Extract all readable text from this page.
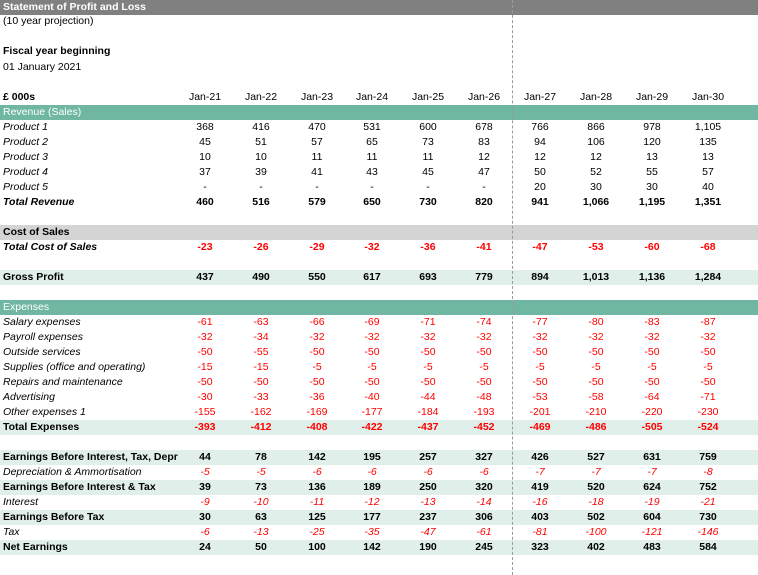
Statement of Profit and Loss
(10 year projection)
Fiscal year beginning
01 January 2021
£ 000s	Jan-21	Jan-22	Jan-23	Jan-24	Jan-25	Jan-26	Jan-27	Jan-28	Jan-29	Jan-30
Revenue (Sales)
Product 1	368	416	470	531	600	678	766	866	978	1,105
Product 2	45	51	57	65	73	83	94	106	120	135
Product 3	10	10	11	11	11	12	12	12	13	13
Product 4	37	39	41	43	45	47	50	52	55	57
Product 5	-	-	-	-	-	-	20	30	30	40
Total Revenue	460	516	579	650	730	820	941	1,066	1,195	1,351
Cost of Sales
Total Cost of Sales	-23	-26	-29	-32	-36	-41	-47	-53	-60	-68
Gross Profit	437	490	550	617	693	779	894	1,013	1,136	1,284
Expenses
Salary expenses	-61	-63	-66	-69	-71	-74	-77	-80	-83	-87
Payroll expenses	-32	-34	-32	-32	-32	-32	-32	-32	-32	-32
Outside services	-50	-55	-50	-50	-50	-50	-50	-50	-50	-50
Supplies (office and operating)	-15	-15	-5	-5	-5	-5	-5	-5	-5	-5
Repairs and maintenance	-50	-50	-50	-50	-50	-50	-50	-50	-50	-50
Advertising	-30	-33	-36	-40	-44	-48	-53	-58	-64	-71
Other expenses 1	-155	-162	-169	-177	-184	-193	-201	-210	-220	-230
Total Expenses	-393	-412	-408	-422	-437	-452	-469	-486	-505	-524
Earnings Before Interest, Tax, Depr	44	78	142	195	257	327	426	527	631	759
Depreciation & Ammortisation	-5	-5	-6	-6	-6	-6	-7	-7	-7	-8
Earnings Before Interest & Tax	39	73	136	189	250	320	419	520	624	752
Interest	-9	-10	-11	-12	-13	-14	-16	-18	-19	-21
Earnings Before Tax	30	63	125	177	237	306	403	502	604	730
Tax	-6	-13	-25	-35	-47	-61	-81	-100	-121	-146
Net Earnings	24	50	100	142	190	245	323	402	483	584
